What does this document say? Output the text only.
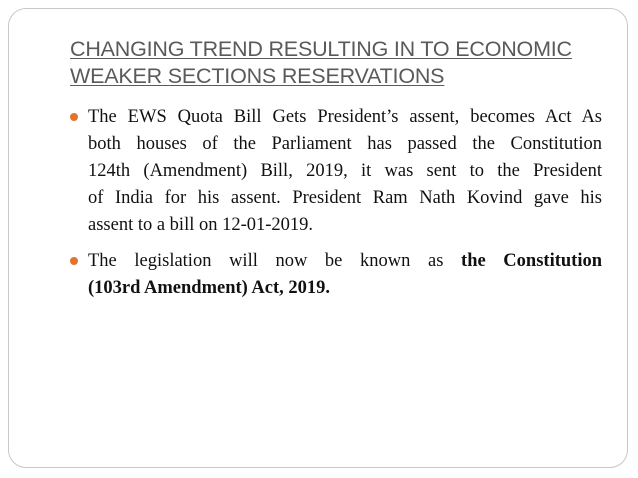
CHANGING TREND RESULTING IN TO ECONOMIC
WEAKER SECTIONS RESERVATIONS
The EWS Quota Bill Gets President’s assent, becomes Act As
both houses of the Parliament has passed the Constitution
124th (Amendment) Bill, 2019, it was sent to the President
of India for his assent. President Ram Nath Kovind gave his
assent to a bill on 12-01-2019.
The legislation will now be known as the Constitution
(103rd Amendment) Act, 2019.
